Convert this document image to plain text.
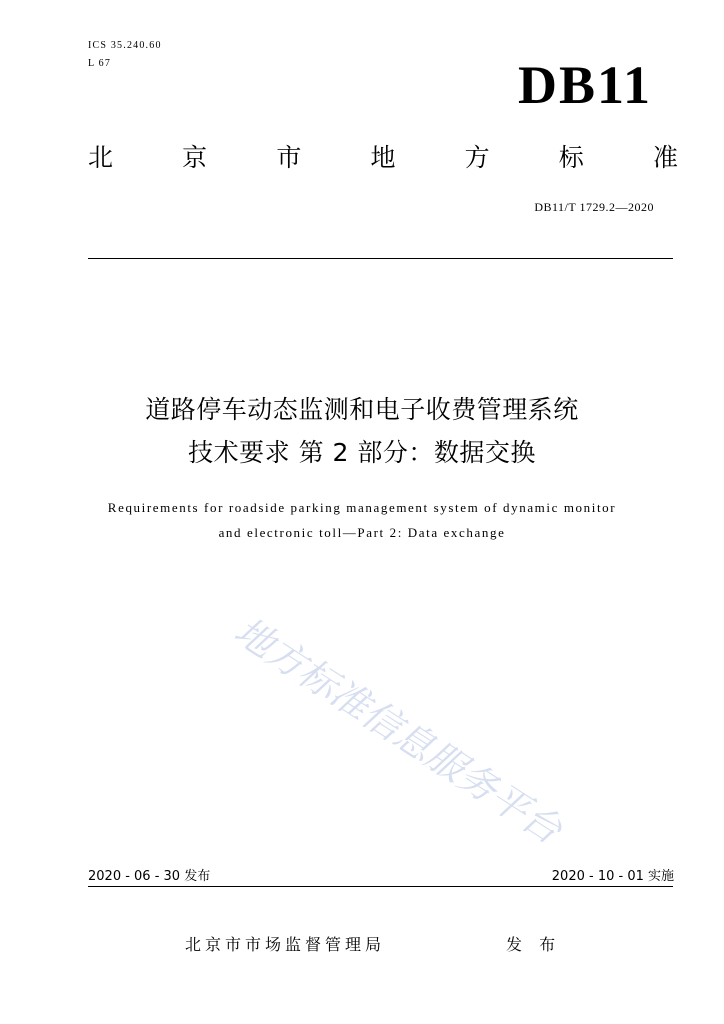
ICS 35.240.60
L 67	DB11
北	京	市	地	方	标	准
DB11/T 1729.2—2020
道路停车动态监测和电子收费管理系统
技术要求 第 2 部分：数据交换
Requirements for roadside parking management system of dynamic monitor
and electronic toll—Part 2: Data exchange
地方标准信息服务平台
2020 - 06 - 30 发布	2020 - 10 - 01 实施
北京市市场监督管理局	发 布
